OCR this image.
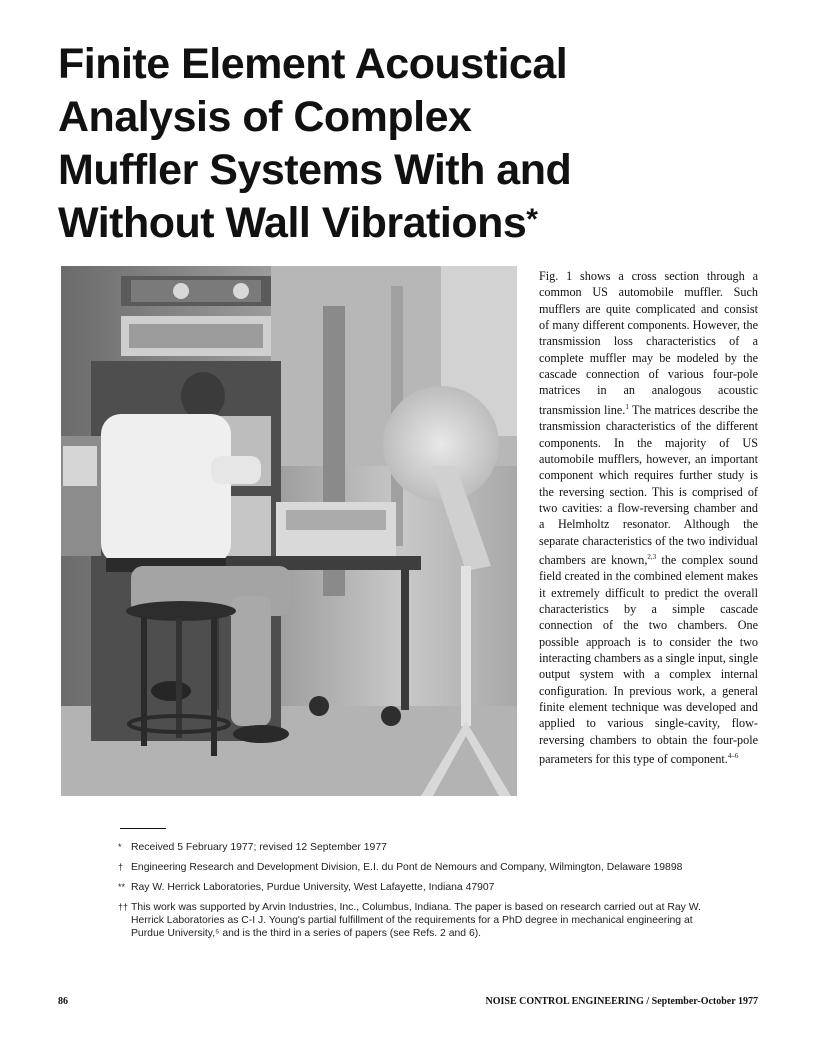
Finite Element Acoustical
Analysis of Complex
Muffler Systems With and
Without Wall Vibrations*

Fig. 1 shows a cross section through a common US automobile muffler. Such mufflers are quite complicated and consist of many different components. However, the transmission loss characteristics of a complete muffler may be modeled by the cascade connection of various four-pole matrices in an analogous acoustic transmission line.$^1$ The matrices describe the transmission characteristics of the different components. In the majority of US automobile mufflers, however, an important component which requires further study is the reversing section. This is comprised of two cavities: a flow-reversing chamber and a Helmholtz resonator. Although the separate characteristics of the two individual chambers are known,$^{2,3}$ the complex sound field created in the combined element makes it extremely difficult to predict the overall characteristics by a simple cascade connection of the two chambers. One possible approach is to consider the two interacting chambers as a single input, single output system with a complex internal configuration. In previous work, a general finite element technique was developed and applied to various single-cavity, flow-reversing chambers to obtain the four-pole parameters for this type of component.$^{4-6}$

* Received 5 February 1977; revised 12 September 1977
† Engineering Research and Development Division, E.I. du Pont de Nemours and Company, Wilmington, Delaware 19898
** Ray W. Herrick Laboratories, Purdue University, West Lafayette, Indiana 47907
†† This work was supported by Arvin Industries, Inc., Columbus, Indiana. The paper is based on research carried out at Ray W. Herrick Laboratories as C-I J. Young's partial fulfillment of the requirements for a PhD degree in mechanical engineering at Purdue University,⁵ and is the third in a series of papers (see Refs. 2 and 6).
86	NOISE CONTROL ENGINEERING / September-October 1977
